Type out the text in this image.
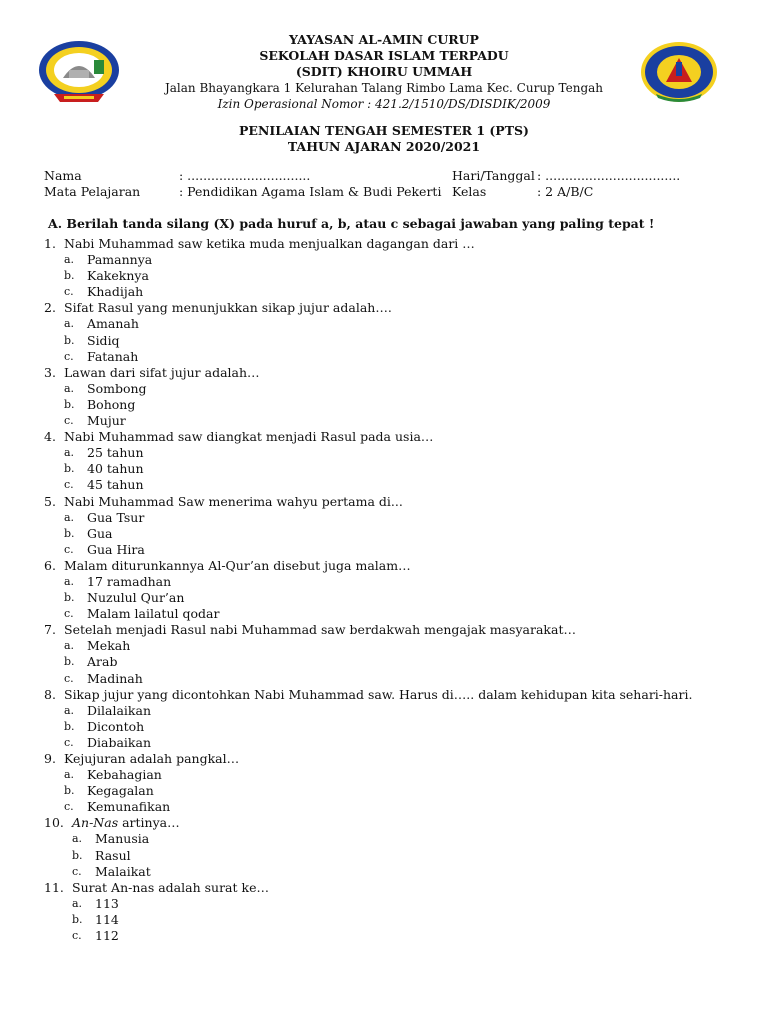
YAYASAN AL-AMIN CURUP
SEKOLAH DASAR ISLAM TERPADU
(SDIT) KHOIRU UMMAH
Jalan Bhayangkara 1 Kelurahan Talang Rimbo Lama Kec. Curup Tengah
Izin Operasional Nomor : 421.2/1510/DS/DISDIK/2009
PENILAIAN TENGAH SEMESTER 1 (PTS)
TAHUN AJARAN 2020/2021
Nama	: ...............................
Mata Pelajaran	: Pendidikan Agama Islam & Budi Pekerti
Hari/Tanggal : ..................................
Kelas	: 2 A/B/C
A. Berilah tanda silang (X) pada huruf a, b, atau c sebagai jawaban yang paling tepat !
1. Nabi Muhammad saw ketika muda menjualkan dagangan dari …
a.	Pamannya
b. Kakeknya
c.	Khadijah
2. Sifat Rasul yang menunjukkan sikap jujur adalah….
a.	Amanah
b. Sidiq
c.	Fatanah
3. Lawan dari sifat jujur adalah…
a.	Sombong
b. Bohong
c.	Mujur
4. Nabi Muhammad saw diangkat menjadi Rasul pada usia…
a.	25 tahun
b. 40 tahun
c.	45 tahun
5. Nabi Muhammad Saw menerima wahyu pertama di...
a.	Gua Tsur
b. Gua
c.	Gua Hira
6. Malam diturunkannya Al-Qur’an disebut juga malam…
a.	17 ramadhan
b. Nuzulul Qur’an
c.	Malam lailatul qodar
7. Setelah menjadi Rasul nabi Muhammad saw berdakwah mengajak masyarakat…
a.	Mekah
b. Arab
c.	Madinah
8. Sikap jujur yang dicontohkan Nabi Muhammad saw. Harus di….. dalam kehidupan kita sehari-hari.
a.	Dilalaikan
b. Dicontoh
c.	Diabaikan
9. Kejujuran adalah pangkal…
a.	Kebahagian
b. Kegagalan
c.	Kemunafikan
10. An-Nas artinya…
a.	Manusia
b. Rasul
c.	Malaikat
11. Surat An-nas adalah surat ke…
a.	113
b. 114
c.	112
